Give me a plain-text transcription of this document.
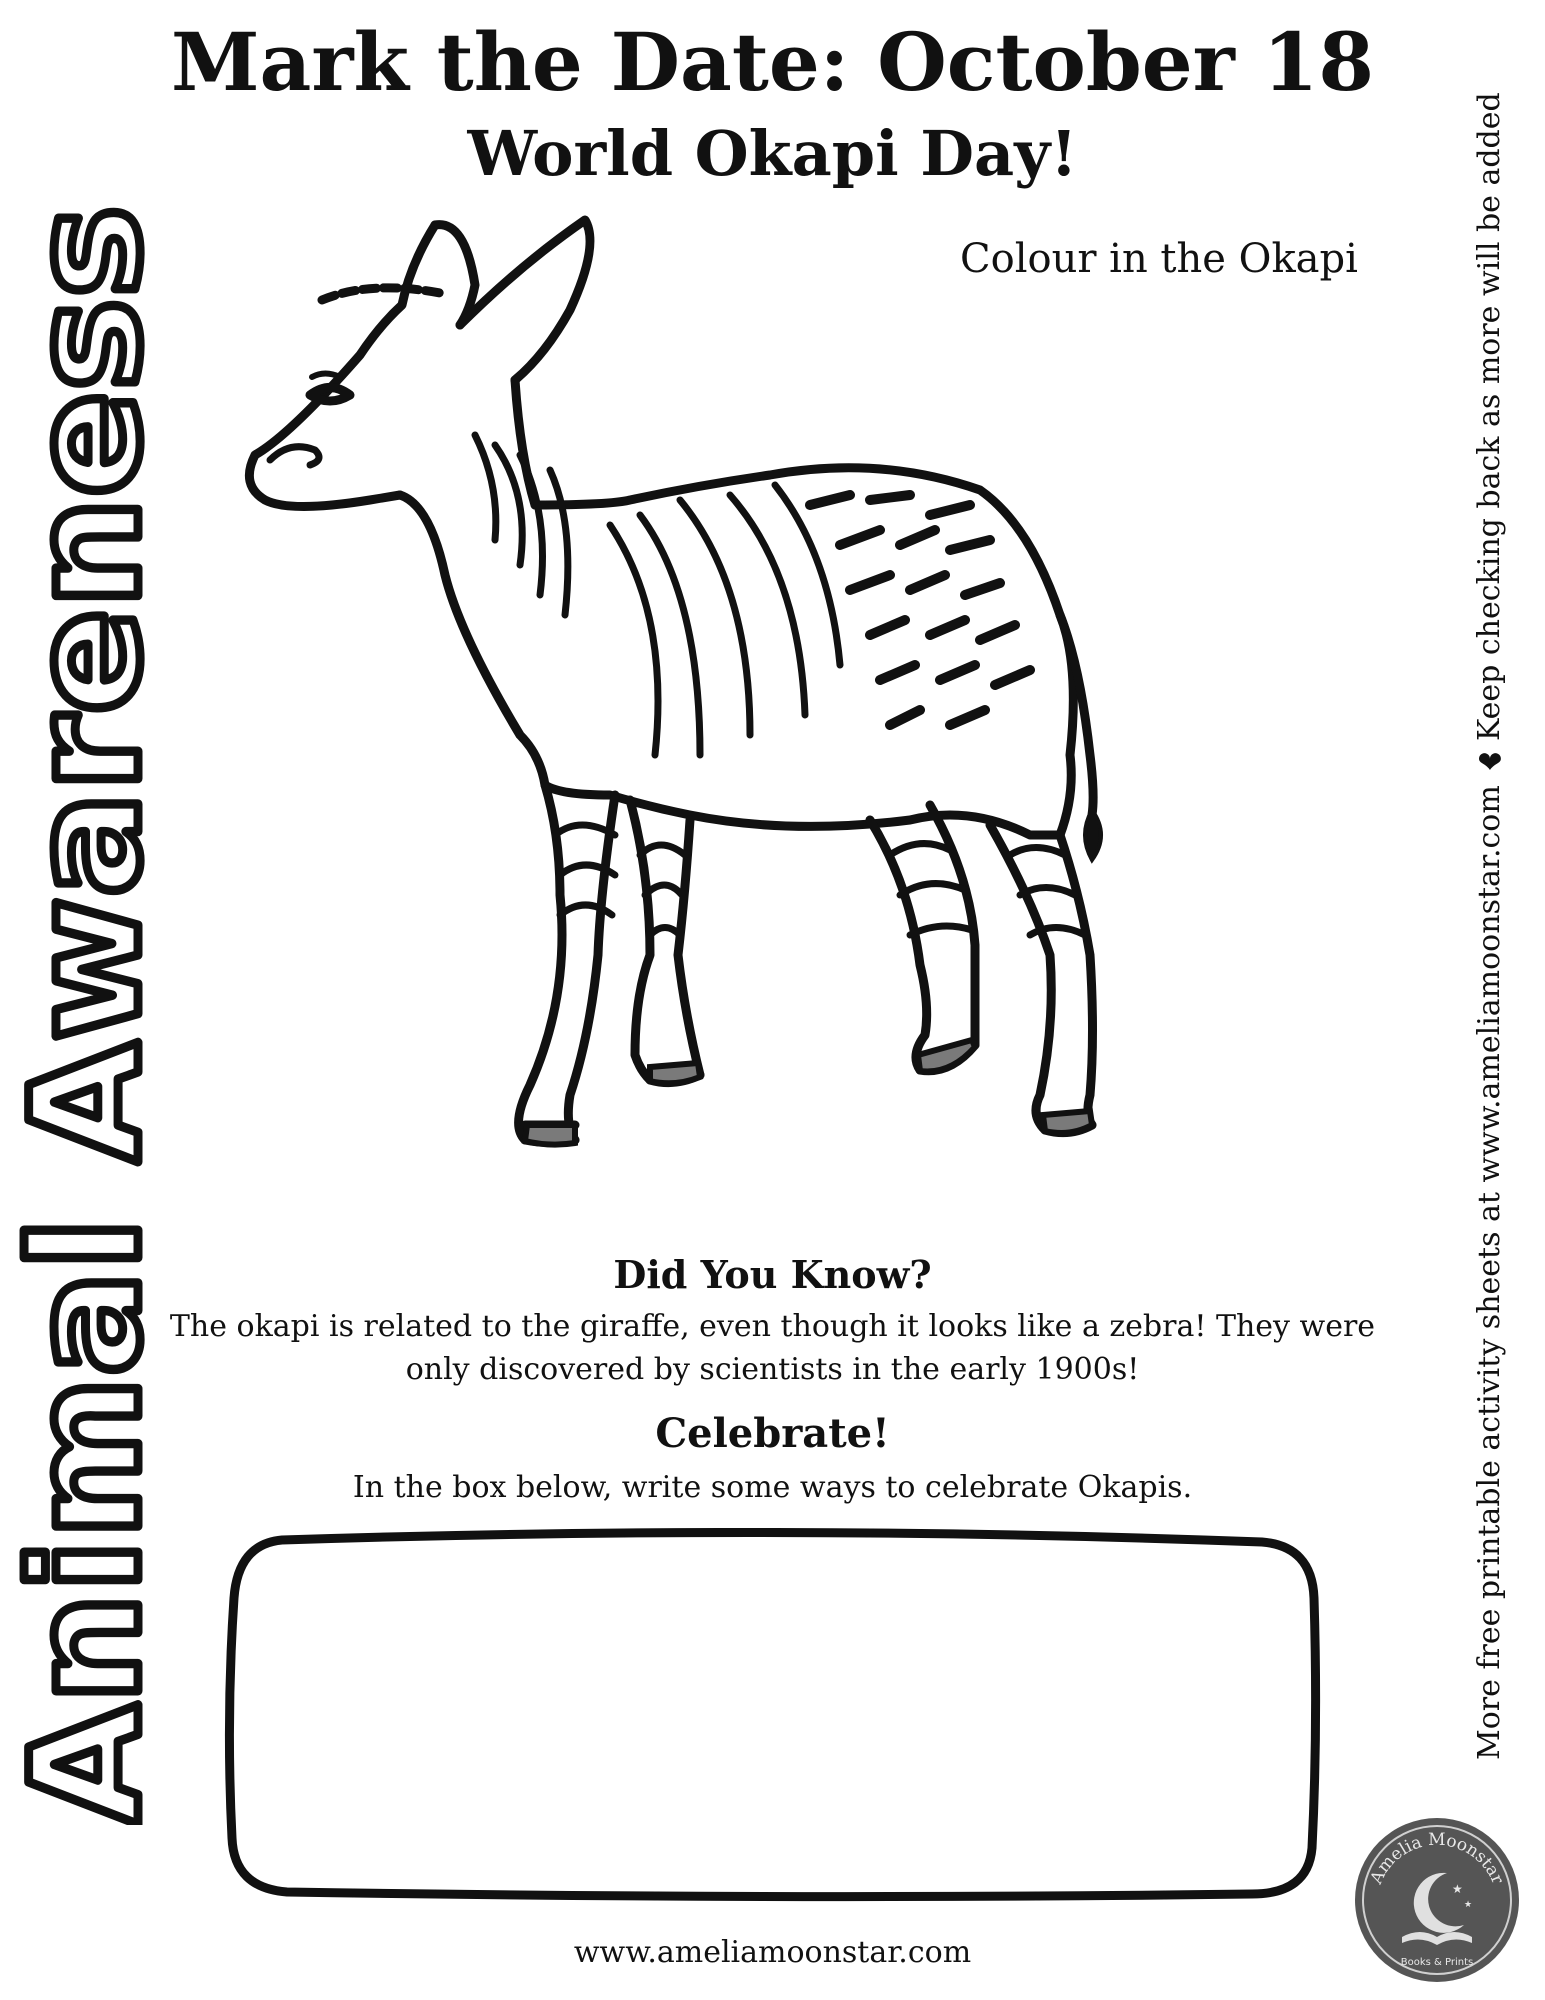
Mark the Date: October 18
World Okapi Day!
Colour in the Okapi
Animal Awareness	More free printable activity sheets at www.ameliamoonstar.com ❤ Keep checking back as more will be added
Did You Know?
The okapi is related to the giraffe, even though it looks like a zebra! They were only discovered by scientists in the early 1900s!
Celebrate!
In the box below, write some ways to celebrate Okapis.
Amelia Moonstar
★
★
Books & Prints
www.ameliamoonstar.com
